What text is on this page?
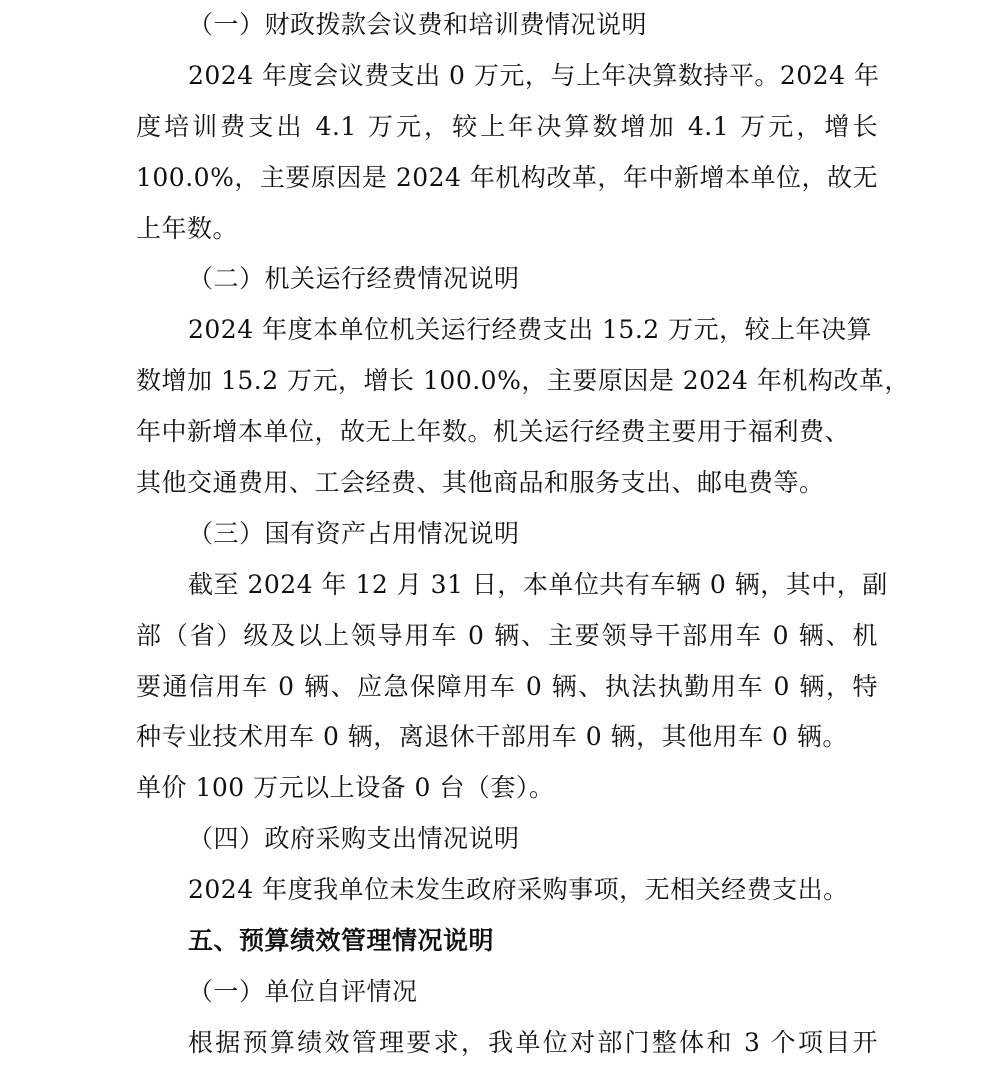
（一）财政拨款会议费和培训费情况说明
2024 年度会议费支出 0 万元，与上年决算数持平。2024 年
度培训费支出 4.1 万元，较上年决算数增加 4.1 万元，增长
100.0%，主要原因是 2024 年机构改革，年中新增本单位，故无
上年数。
（二）机关运行经费情况说明
2024 年度本单位机关运行经费支出 15.2 万元，较上年决算
数增加 15.2 万元，增长 100.0%，主要原因是 2024 年机构改革，
年中新增本单位，故无上年数。机关运行经费主要用于福利费、
其他交通费用、工会经费、其他商品和服务支出、邮电费等。
（三）国有资产占用情况说明
截至 2024 年 12 月 31 日，本单位共有车辆 0 辆，其中，副
部（省）级及以上领导用车 0 辆、主要领导干部用车 0 辆、机
要通信用车 0 辆、应急保障用车 0 辆、执法执勤用车 0 辆，特
种专业技术用车 0 辆，离退休干部用车 0 辆，其他用车 0 辆。
单价 100 万元以上设备 0 台（套）。
（四）政府采购支出情况说明
2024 年度我单位未发生政府采购事项，无相关经费支出。
五、预算绩效管理情况说明
（一）单位自评情况
根据预算绩效管理要求，我单位对部门整体和 3 个项目开
